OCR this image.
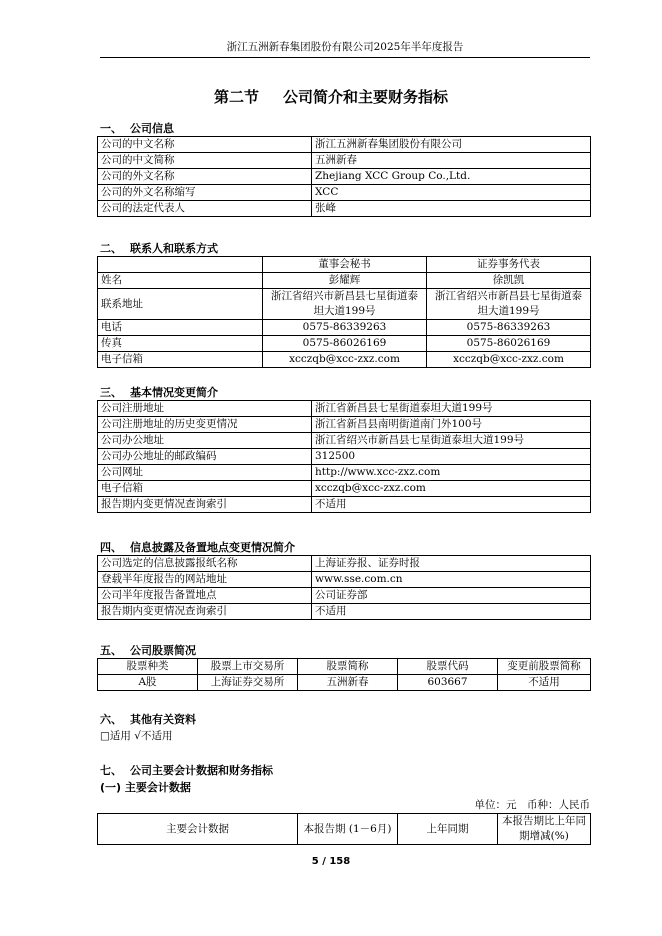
浙江五洲新春集团股份有限公司2025年半年度报告
第二节 公司简介和主要财务指标
一、 公司信息
公司的中文名称	浙江五洲新春集团股份有限公司
公司的中文简称	五洲新春
公司的外文名称	Zhejiang XCC Group Co.,Ltd.
公司的外文名称缩写	XCC
公司的法定代表人	张峰
二、 联系人和联系方式
	董事会秘书	证券事务代表
姓名	彭耀辉	徐凯凯
联系地址	浙江省绍兴市新昌县七星街道泰坦大道199号	浙江省绍兴市新昌县七星街道泰坦大道199号
电话	0575-86339263	0575-86339263
传真	0575-86026169	0575-86026169
电子信箱	xcczqb@xcc-zxz.com	xcczqb@xcc-zxz.com
三、 基本情况变更简介
公司注册地址	浙江省新昌县七星街道泰坦大道199号
公司注册地址的历史变更情况	浙江省新昌县南明街道南门外100号
公司办公地址	浙江省绍兴市新昌县七星街道泰坦大道199号
公司办公地址的邮政编码	312500
公司网址	http://www.xcc-zxz.com
电子信箱	xcczqb@xcc-zxz.com
报告期内变更情况查询索引	不适用
四、 信息披露及备置地点变更情况简介
公司选定的信息披露报纸名称	上海证券报、证券时报
登载半年度报告的网站地址	www.sse.com.cn
公司半年度报告备置地点	公司证券部
报告期内变更情况查询索引	不适用
五、 公司股票简况
股票种类	股票上市交易所	股票简称	股票代码	变更前股票简称
A股	上海证券交易所	五洲新春	603667	不适用
六、 其他有关资料
□适用 √不适用
七、 公司主要会计数据和财务指标
(一) 主要会计数据
单位：元　币种：人民币
主要会计数据	本报告期 (1－6月)	上年同期	本报告期比上年同期增减(%)
5 / 158
